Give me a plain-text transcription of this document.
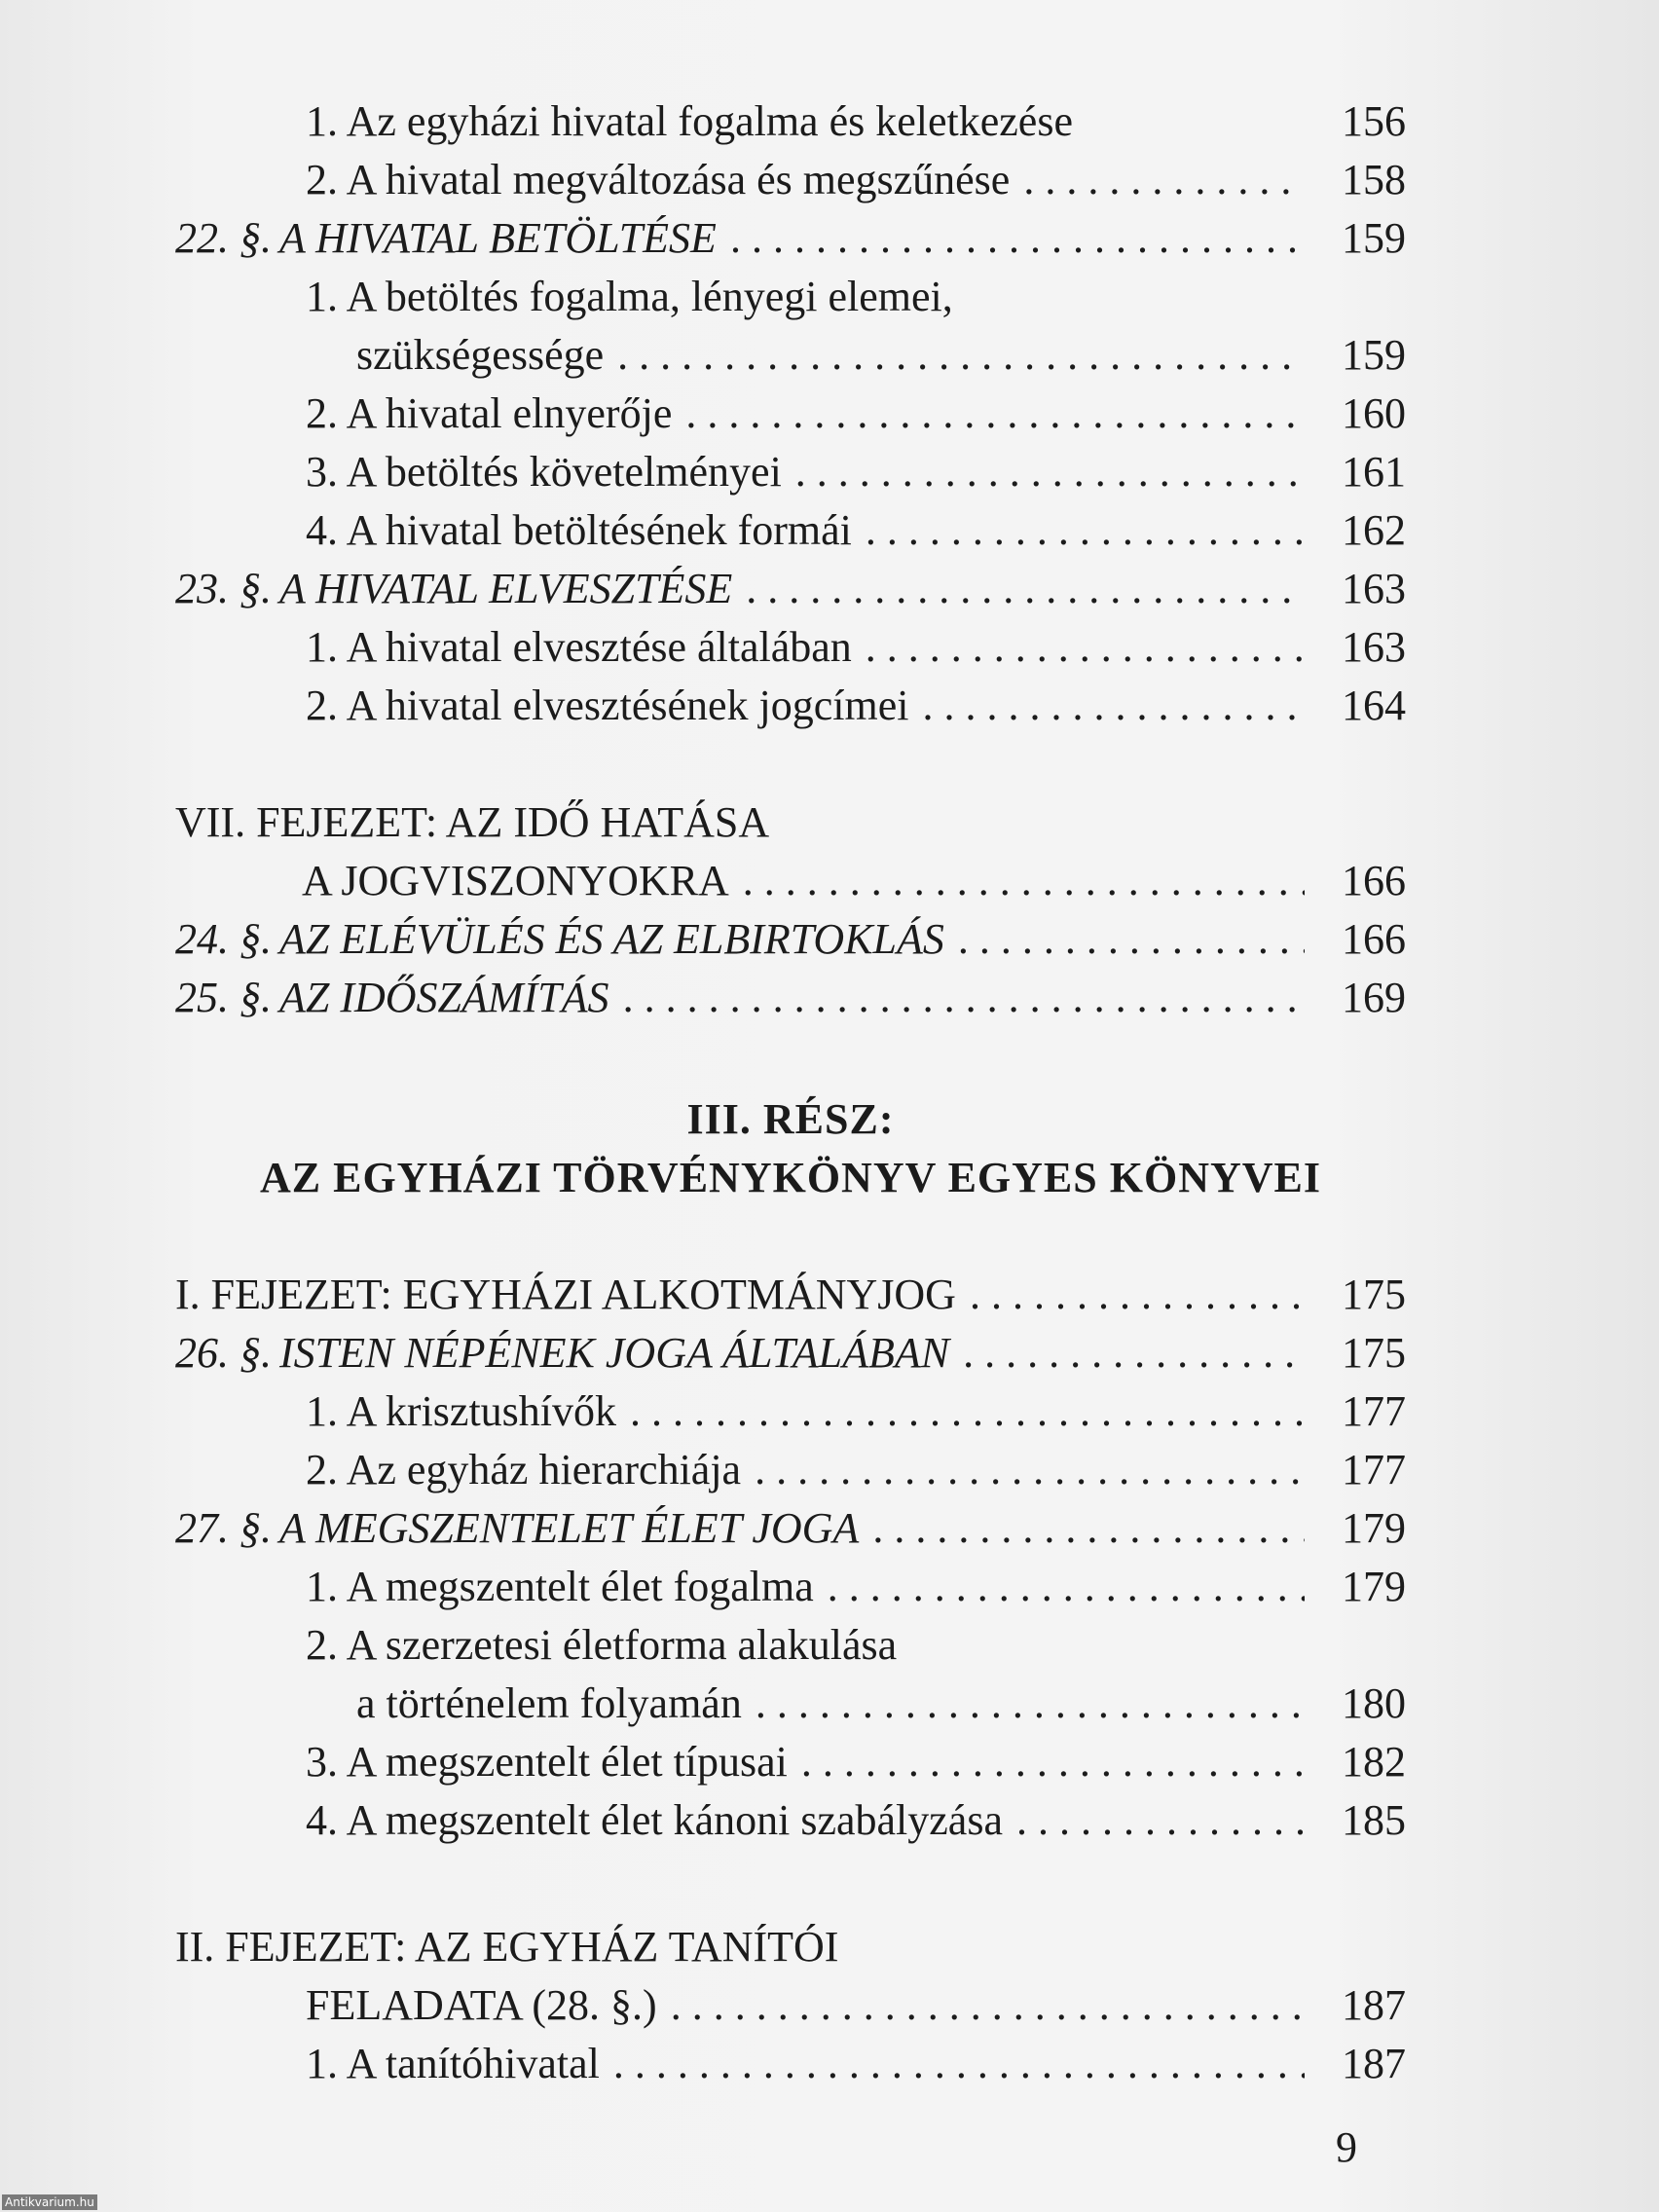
1. Az egyházi hivatal fogalma és keletkezése	156
2. A hivatal megváltozása és megszűnése . . .	158
22. §. A HIVATAL BETÖLTÉSE . . .	159
1. A betöltés fogalma, lényegi elemei,
szükségessége . . .	159
2. A hivatal elnyerője . . .	160
3. A betöltés követelményei . . .	161
4. A hivatal betöltésének formái . . .	162
23. §. A HIVATAL ELVESZTÉSE . . .	163
1. A hivatal elvesztése általában . . .	163
2. A hivatal elvesztésének jogcímei . . .	164
VII. FEJEZET: AZ IDŐ HATÁSA
A JOGVISZONYOKRA . . .	166
24. §. AZ ELÉVÜLÉS ÉS AZ ELBIRTOKLÁS . . .	166
25. §. AZ IDŐSZÁMÍTÁS . . .	169
III. RÉSZ:
AZ EGYHÁZI TÖRVÉNYKÖNYV EGYES KÖNYVEI
I. FEJEZET: EGYHÁZI ALKOTMÁNYJOG . . .	175
26. §. ISTEN NÉPÉNEK JOGA ÁLTALÁBAN . . .	175
1. A krisztushívők . . .	177
2. Az egyház hierarchiája . . .	177
27. §. A MEGSZENTELET ÉLET JOGA . . .	179
1. A megszentelt élet fogalma . . .	179
2. A szerzetesi életforma alakulása
a történelem folyamán . . .	180
3. A megszentelt élet típusai . . .	182
4. A megszentelt élet kánoni szabályzása . . .	185
II. FEJEZET: AZ EGYHÁZ TANÍTÓI
FELADATA (28. §.) . . .	187
1. A tanítóhivatal . . .	187
9
Antikvarium.hu
